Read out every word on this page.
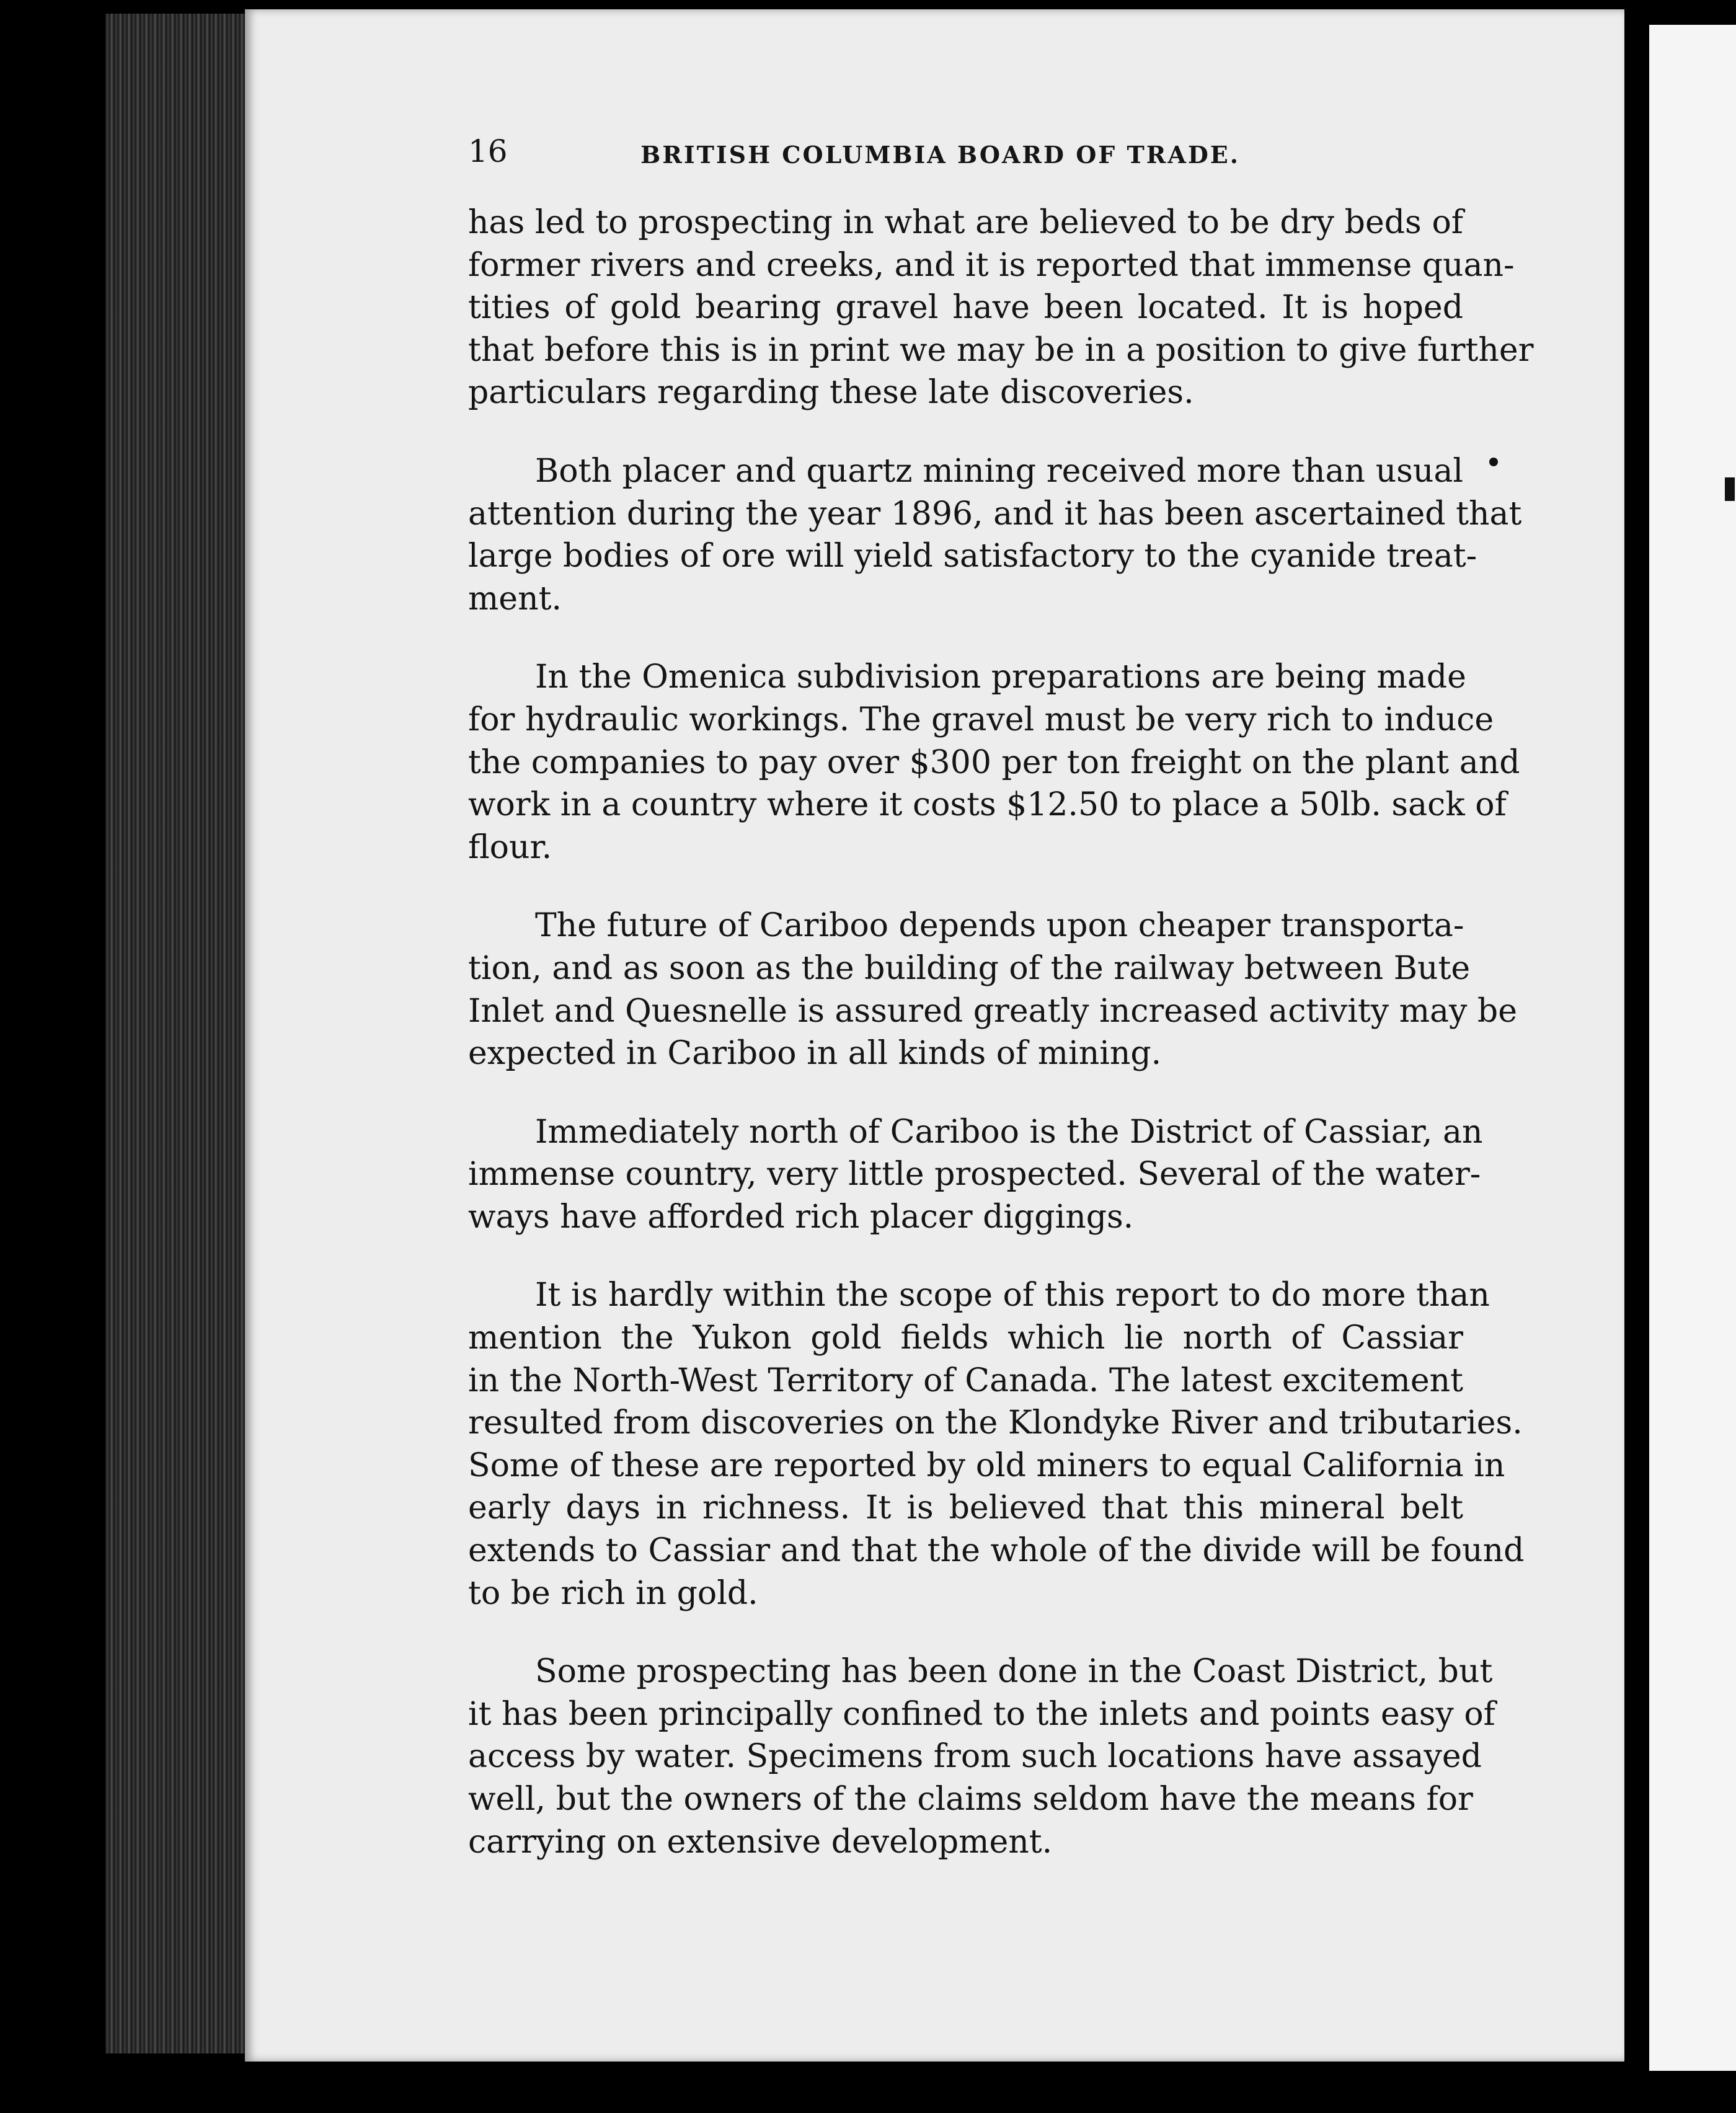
16	BRITISH COLUMBIA BOARD OF TRADE.
has led to prospecting in what are believed to be dry beds of
former rivers and creeks, and it is reported that immense quan-
tities of gold bearing gravel have been located. It is hoped
that before this is in print we may be in a position to give further
particulars regarding these late discoveries.
Both placer and quartz mining received more than usual
attention during the year 1896, and it has been ascertained that
large bodies of ore will yield satisfactory to the cyanide treat-
ment.
In the Omenica subdivision preparations are being made
for hydraulic workings. The gravel must be very rich to induce
the companies to pay over $300 per ton freight on the plant and
work in a country where it costs $12.50 to place a 50lb. sack of
flour.
The future of Cariboo depends upon cheaper transporta-
tion, and as soon as the building of the railway between Bute
Inlet and Quesnelle is assured greatly increased activity may be
expected in Cariboo in all kinds of mining.
Immediately north of Cariboo is the District of Cassiar, an
immense country, very little prospected. Several of the water-
ways have afforded rich placer diggings.
It is hardly within the scope of this report to do more than
mention the Yukon gold fields which lie north of Cassiar
in the North-West Territory of Canada. The latest excitement
resulted from discoveries on the Klondyke River and tributaries.
Some of these are reported by old miners to equal California in
early days in richness. It is believed that this mineral belt
extends to Cassiar and that the whole of the divide will be found
to be rich in gold.
Some prospecting has been done in the Coast District, but
it has been principally confined to the inlets and points easy of
access by water. Specimens from such locations have assayed
well, but the owners of the claims seldom have the means for
carrying on extensive development.
